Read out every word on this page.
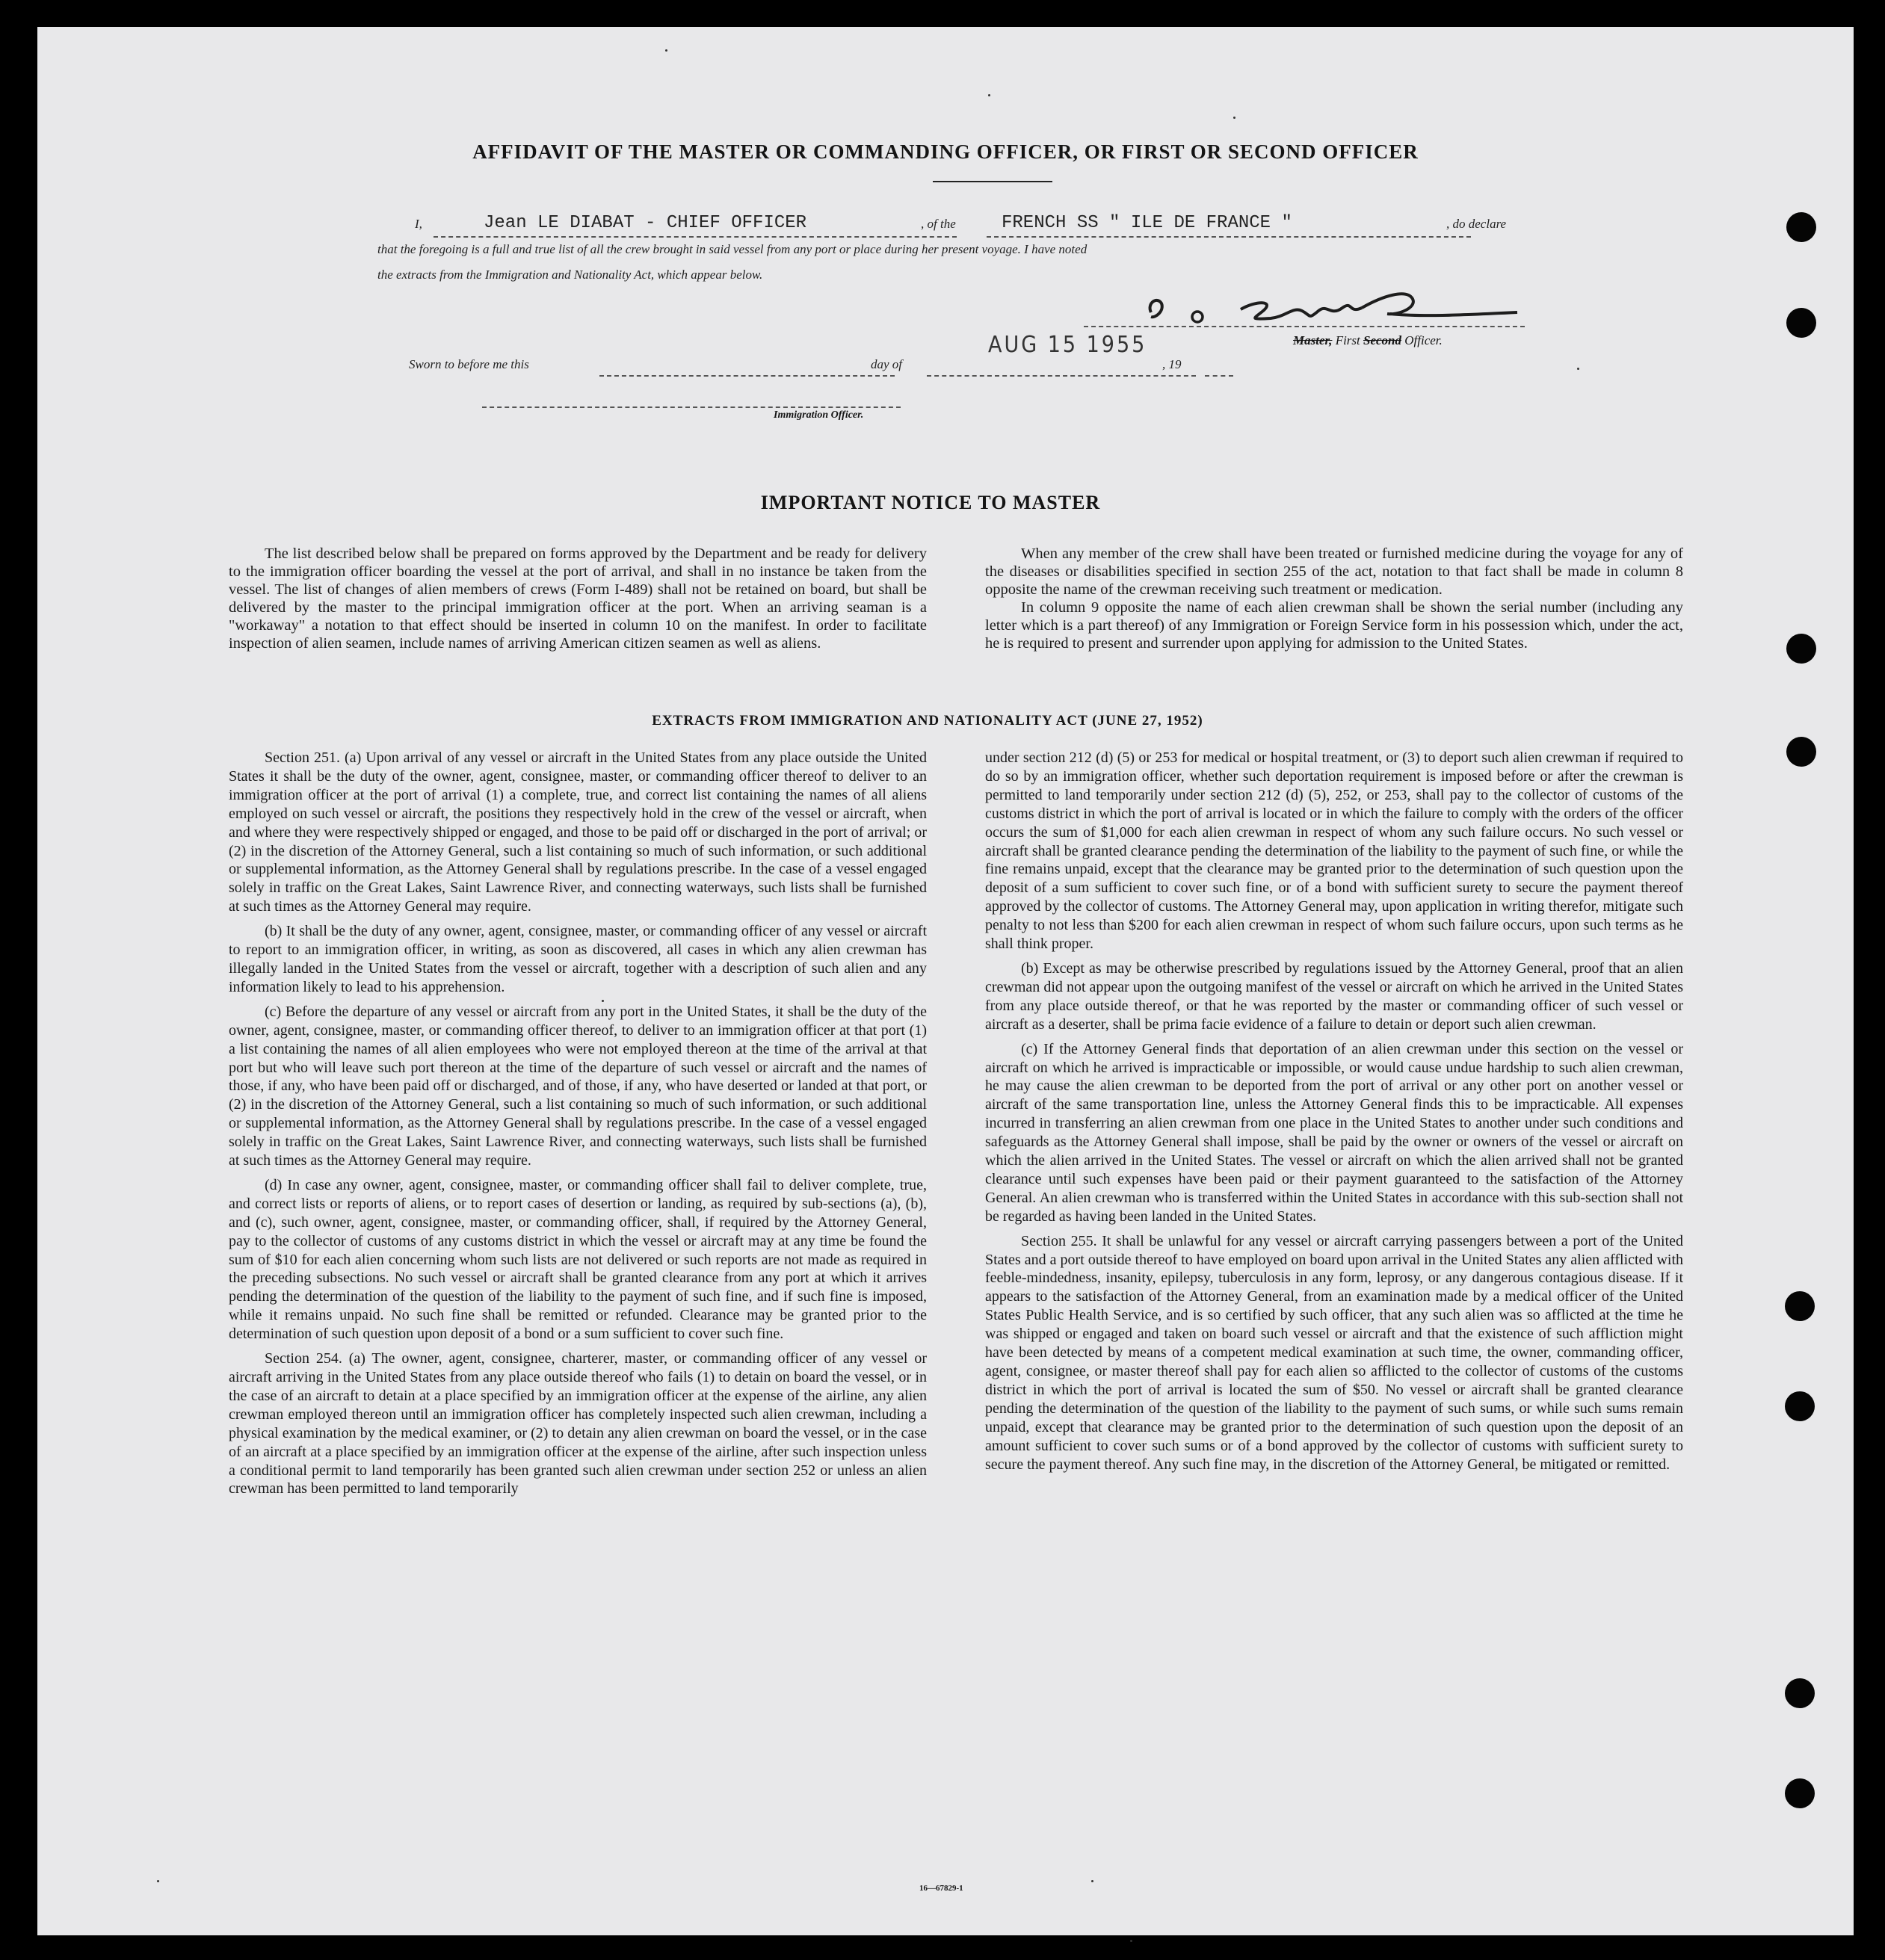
AFFIDAVIT OF THE MASTER OR COMMANDING OFFICER, OR FIRST OR SECOND OFFICER
I,	Jean LE DIABAT - CHIEF OFFICER	, of the	FRENCH SS " ILE DE FRANCE "	, do declare
that the foregoing is a full and true list of all the crew brought in said vessel from any port or place during her present voyage. I have noted
the extracts from the Immigration and Nationality Act, which appear below.
Master, First Second Officer.
Sworn to before me this	day of
AUG 15 1955
, 19
Immigration Officer.
IMPORTANT NOTICE TO MASTER

The list described below shall be prepared on forms approved by the Department and be ready for delivery to the immigration officer boarding the vessel at the port of arrival, and shall in no instance be taken from the vessel. The list of changes of alien members of crews (Form I-489) shall not be retained on board, but shall be delivered by the master to the principal immigration officer at the port. When an arriving seaman is a "workaway" a notation to that effect should be inserted in column 10 on the manifest. In order to facilitate inspection of alien seamen, include names of arriving American citizen seamen as well as aliens.

When any member of the crew shall have been treated or furnished medicine during the voyage for any of the diseases or disabilities specified in section 255 of the act, notation to that fact shall be made in column 8 opposite the name of the crewman receiving such treatment or medication.

In column 9 opposite the name of each alien crewman shall be shown the serial number (including any letter which is a part thereof) of any Immigration or Foreign Service form in his possession which, under the act, he is required to present and surrender upon applying for admission to the United States.

EXTRACTS FROM IMMIGRATION AND NATIONALITY ACT (JUNE 27, 1952)

Section 251. (a) Upon arrival of any vessel or aircraft in the United States from any place outside the United States it shall be the duty of the owner, agent, consignee, master, or commanding officer thereof to deliver to an immigration officer at the port of arrival (1) a complete, true, and correct list containing the names of all aliens employed on such vessel or aircraft, the positions they respectively hold in the crew of the vessel or aircraft, when and where they were respectively shipped or engaged, and those to be paid off or discharged in the port of arrival; or (2) in the discretion of the Attorney General, such a list containing so much of such information, or such additional or supplemental information, as the Attorney General shall by regulations prescribe. In the case of a vessel engaged solely in traffic on the Great Lakes, Saint Lawrence River, and connecting waterways, such lists shall be furnished at such times as the Attorney General may require.

(b) It shall be the duty of any owner, agent, consignee, master, or commanding officer of any vessel or aircraft to report to an immigration officer, in writing, as soon as discovered, all cases in which any alien crewman has illegally landed in the United States from the vessel or aircraft, together with a description of such alien and any information likely to lead to his apprehension.

(c) Before the departure of any vessel or aircraft from any port in the United States, it shall be the duty of the owner, agent, consignee, master, or commanding officer thereof, to deliver to an immigration officer at that port (1) a list containing the names of all alien employees who were not employed thereon at the time of the arrival at that port but who will leave such port thereon at the time of the departure of such vessel or aircraft and the names of those, if any, who have been paid off or discharged, and of those, if any, who have deserted or landed at that port, or (2) in the discretion of the Attorney General, such a list containing so much of such information, or such additional or supplemental information, as the Attorney General shall by regulations prescribe. In the case of a vessel engaged solely in traffic on the Great Lakes, Saint Lawrence River, and connecting waterways, such lists shall be furnished at such times as the Attorney General may require.

(d) In case any owner, agent, consignee, master, or commanding officer shall fail to deliver complete, true, and correct lists or reports of aliens, or to report cases of desertion or landing, as required by sub-sections (a), (b), and (c), such owner, agent, consignee, master, or commanding officer, shall, if required by the Attorney General, pay to the collector of customs of any customs district in which the vessel or aircraft may at any time be found the sum of $10 for each alien concerning whom such lists are not delivered or such reports are not made as required in the preceding subsections. No such vessel or aircraft shall be granted clearance from any port at which it arrives pending the determination of the question of the liability to the payment of such fine, and if such fine is imposed, while it remains unpaid. No such fine shall be remitted or refunded. Clearance may be granted prior to the determination of such question upon deposit of a bond or a sum sufficient to cover such fine.

Section 254. (a) The owner, agent, consignee, charterer, master, or commanding officer of any vessel or aircraft arriving in the United States from any place outside thereof who fails (1) to detain on board the vessel, or in the case of an aircraft to detain at a place specified by an immigration officer at the expense of the airline, any alien crewman employed thereon until an immigration officer has completely inspected such alien crewman, including a physical examination by the medical examiner, or (2) to detain any alien crewman on board the vessel, or in the case of an aircraft at a place specified by an immigration officer at the expense of the airline, after such inspection unless a conditional permit to land temporarily has been granted such alien crewman under section 252 or unless an alien crewman has been permitted to land temporarily

under section 212 (d) (5) or 253 for medical or hospital treatment, or (3) to deport such alien crewman if required to do so by an immigration officer, whether such deportation requirement is imposed before or after the crewman is permitted to land temporarily under section 212 (d) (5), 252, or 253, shall pay to the collector of customs of the customs district in which the port of arrival is located or in which the failure to comply with the orders of the officer occurs the sum of $1,000 for each alien crewman in respect of whom any such failure occurs. No such vessel or aircraft shall be granted clearance pending the determination of the liability to the payment of such fine, or while the fine remains unpaid, except that the clearance may be granted prior to the determination of such question upon the deposit of a sum sufficient to cover such fine, or of a bond with sufficient surety to secure the payment thereof approved by the collector of customs. The Attorney General may, upon application in writing therefor, mitigate such penalty to not less than $200 for each alien crewman in respect of whom such failure occurs, upon such terms as he shall think proper.

(b) Except as may be otherwise prescribed by regulations issued by the Attorney General, proof that an alien crewman did not appear upon the outgoing manifest of the vessel or aircraft on which he arrived in the United States from any place outside thereof, or that he was reported by the master or commanding officer of such vessel or aircraft as a deserter, shall be prima facie evidence of a failure to detain or deport such alien crewman.

(c) If the Attorney General finds that deportation of an alien crewman under this section on the vessel or aircraft on which he arrived is impracticable or impossible, or would cause undue hardship to such alien crewman, he may cause the alien crewman to be deported from the port of arrival or any other port on another vessel or aircraft of the same transportation line, unless the Attorney General finds this to be impracticable. All expenses incurred in transferring an alien crewman from one place in the United States to another under such conditions and safeguards as the Attorney General shall impose, shall be paid by the owner or owners of the vessel or aircraft on which the alien arrived in the United States. The vessel or aircraft on which the alien arrived shall not be granted clearance until such expenses have been paid or their payment guaranteed to the satisfaction of the Attorney General. An alien crewman who is transferred within the United States in accordance with this sub-section shall not be regarded as having been landed in the United States.

Section 255. It shall be unlawful for any vessel or aircraft carrying passengers between a port of the United States and a port outside thereof to have employed on board upon arrival in the United States any alien afflicted with feeble-mindedness, insanity, epilepsy, tuberculosis in any form, leprosy, or any dangerous contagious disease. If it appears to the satisfaction of the Attorney General, from an examination made by a medical officer of the United States Public Health Service, and is so certified by such officer, that any such alien was so afflicted at the time he was shipped or engaged and taken on board such vessel or aircraft and that the existence of such affliction might have been detected by means of a competent medical examination at such time, the owner, commanding officer, agent, consignee, or master thereof shall pay for each alien so afflicted to the collector of customs of the customs district in which the port of arrival is located the sum of $50. No vessel or aircraft shall be granted clearance pending the determination of the question of the liability to the payment of such sums, or while such sums remain unpaid, except that clearance may be granted prior to the determination of such question upon the deposit of an amount sufficient to cover such sums or of a bond approved by the collector of customs with sufficient surety to secure the payment thereof. Any such fine may, in the discretion of the Attorney General, be mitigated or remitted.

16—67829-1
